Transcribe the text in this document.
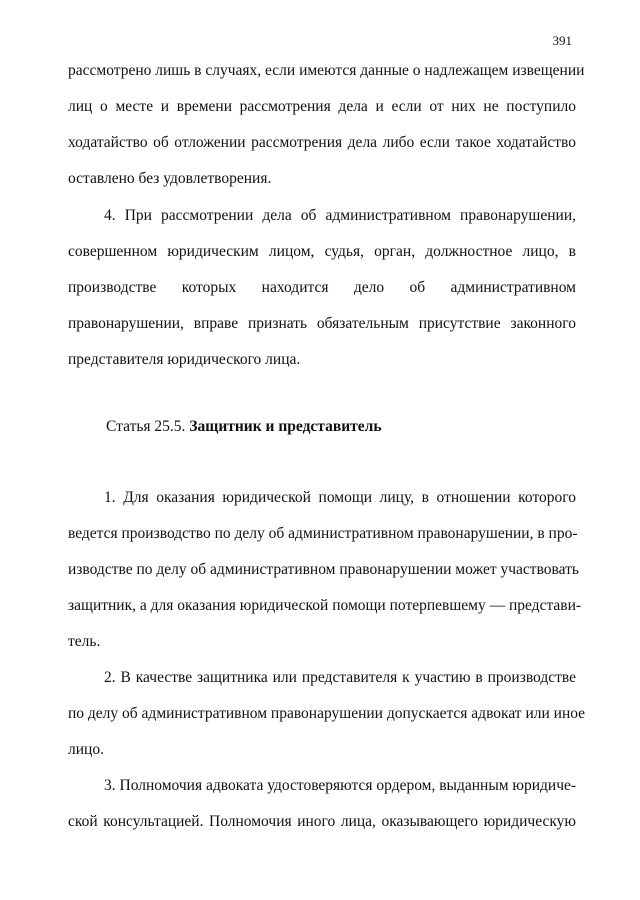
391
рассмотрено лишь в случаях, если имеются данные о надлежащем извещении
лиц о месте и времени рассмотрения дела и если от них не поступило
ходатайство об отложении рассмотрения дела либо если такое ходатайство
оставлено без удовлетворения.
4. При рассмотрении дела об административном правонарушении,
совершенном юридическим лицом, судья, орган, должностное лицо, в
производстве которых находится дело об административном
правонарушении, вправе признать обязательным присутствие законного
представителя юридического лица.
Статья 25.5. Защитник и представитель
1. Для оказания юридической помощи лицу, в отношении которого
ведется производство по делу об административном правонарушении, в про-
изводстве по делу об административном правонарушении может участвовать
защитник, а для оказания юридической помощи потерпевшему — представи-
тель.
2. В качестве защитника или представителя к участию в производстве
по делу об административном правонарушении допускается адвокат или иное
лицо.
3. Полномочия адвоката удостоверяются ордером, выданным юридиче-
ской консультацией. Полномочия иного лица, оказывающего юридическую
